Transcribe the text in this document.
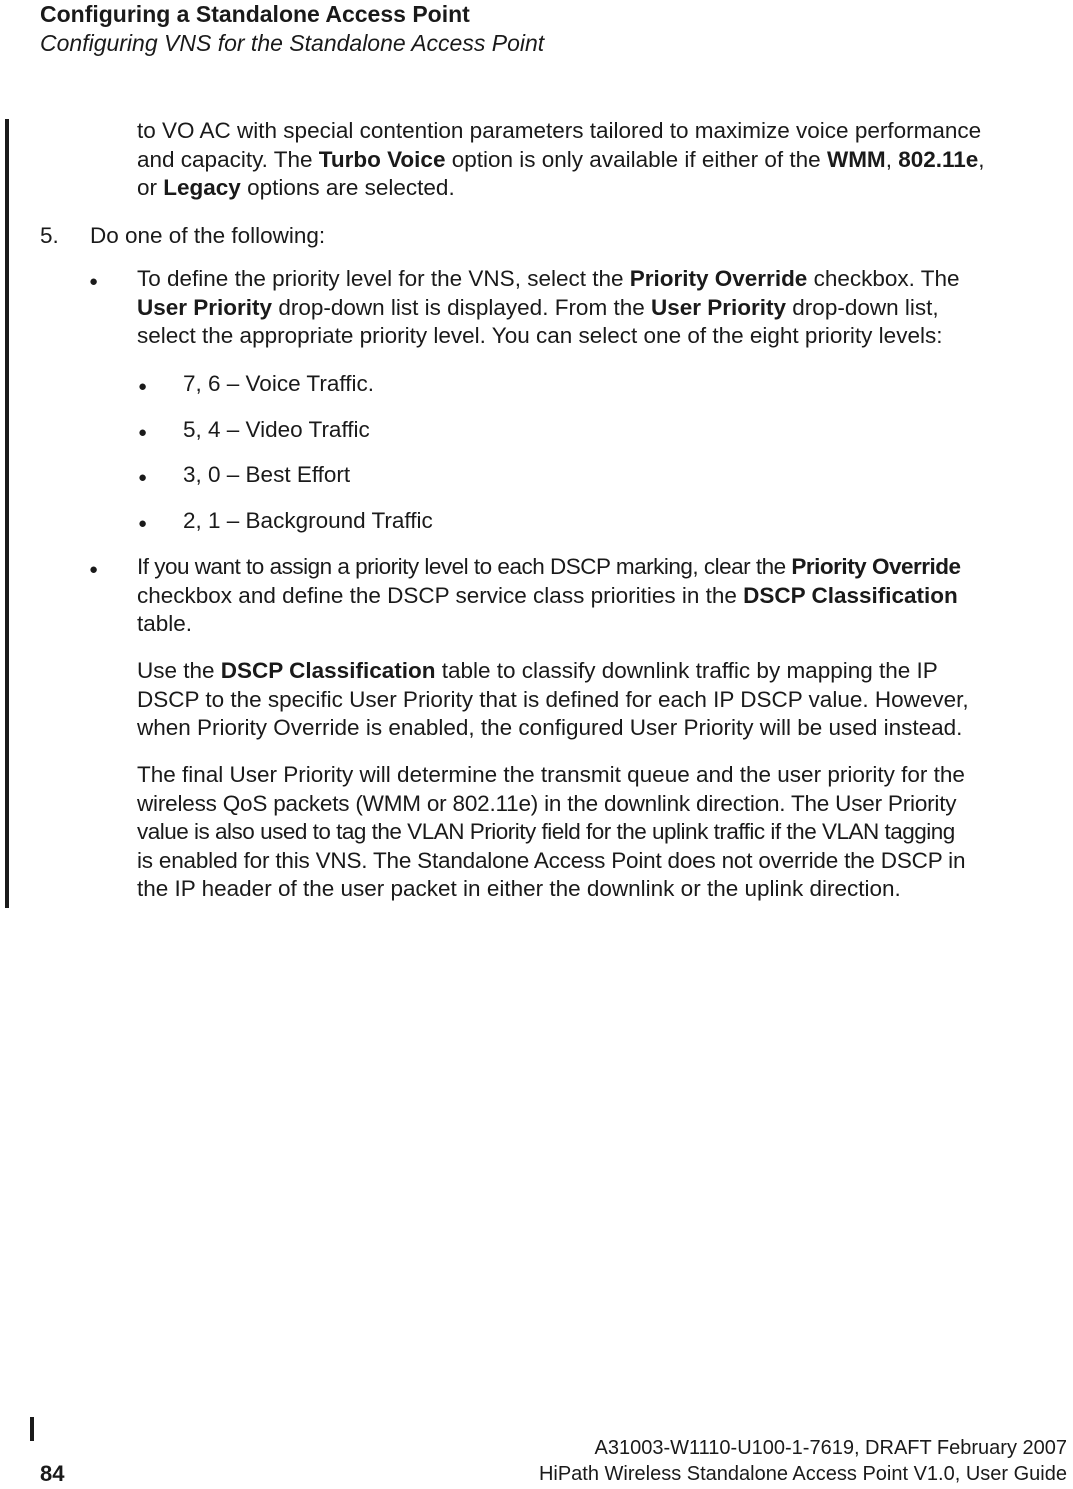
Configuring a Standalone Access Point
Configuring VNS for the Standalone Access Point
to VO AC with special contention parameters tailored to maximize voice performance
and capacity. The Turbo Voice option is only available if either of the WMM, 802.11e,
or Legacy options are selected.
5. Do one of the following:
● To define the priority level for the VNS, select the Priority Override checkbox. The
User Priority drop-down list is displayed. From the User Priority drop-down list,
select the appropriate priority level. You can select one of the eight priority levels:
● 7, 6 – Voice Traffic.
● 5, 4 – Video Traffic
● 3, 0 – Best Effort
● 2, 1 – Background Traffic
● If you want to assign a priority level to each DSCP marking, clear the Priority Override
checkbox and define the DSCP service class priorities in the DSCP Classification
table.
Use the DSCP Classification table to classify downlink traffic by mapping the IP
DSCP to the specific User Priority that is defined for each IP DSCP value. However,
when Priority Override is enabled, the configured User Priority will be used instead.
The final User Priority will determine the transmit queue and the user priority for the
wireless QoS packets (WMM or 802.11e) in the downlink direction. The User Priority
value is also used to tag the VLAN Priority field for the uplink traffic if the VLAN tagging
is enabled for this VNS. The Standalone Access Point does not override the DSCP in
the IP header of the user packet in either the downlink or the uplink direction.
A31003-W1110-U100-1-7619, DRAFT February 2007
HiPath Wireless Standalone Access Point V1.0, User Guide
84
